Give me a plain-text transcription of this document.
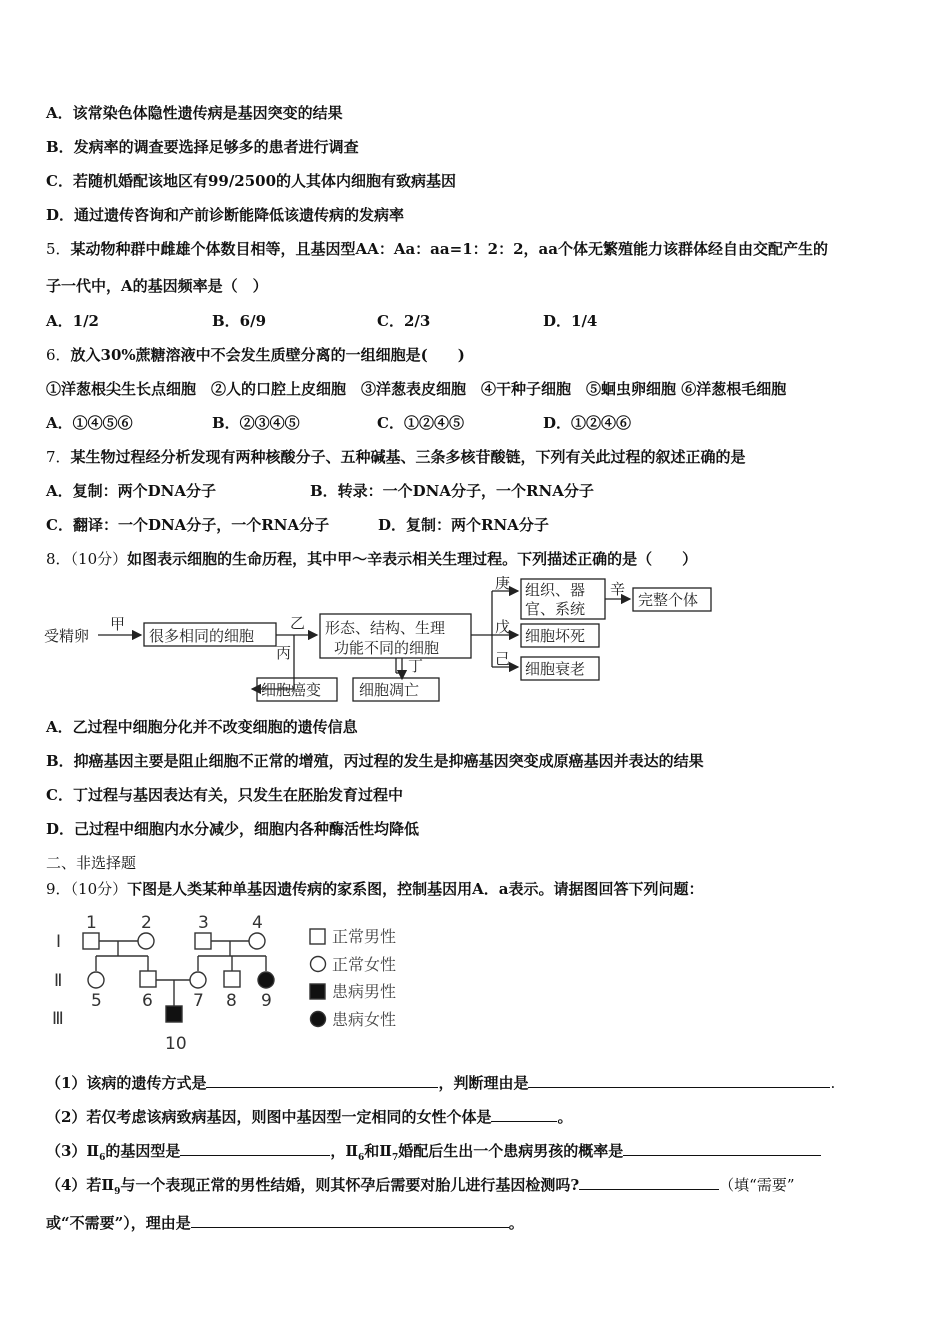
A．该常染色体隐性遗传病是基因突变的结果
B．发病率的调查要选择足够多的患者进行调查
C．若随机婚配该地区有99/2500的人其体内细胞有致病基因
D．通过遗传咨询和产前诊断能降低该遗传病的发病率
5．某动物种群中雌雄个体数目相等，且基因型AA：Aa：aa=1：2：2，aa个体无繁殖能力该群体经自由交配产生的
子一代中，A的基因频率是（　）
A．1/2	B．6/9	C．2/3	D．1/4
6．放入30%蔗糖溶液中不会发生质壁分离的一组细胞是(　　)
①洋葱根尖生长点细胞　②人的口腔上皮细胞　③洋葱表皮细胞　④干种子细胞　⑤蛔虫卵细胞 ⑥洋葱根毛细胞
A．①④⑤⑥	B．②③④⑤	C．①②④⑤	D．①②④⑥
7．某生物过程经分析发现有两种核酸分子、五种碱基、三条多核苷酸链，下列有关此过程的叙述正确的是
A．复制：两个DNA分子	B．转录：一个DNA分子，一个RNA分子
C．翻译：一个DNA分子，一个RNA分子	D．复制：两个RNA分子
8．（10分）如图表示细胞的生命历程，其中甲～辛表示相关生理过程。下列描述正确的是（　　）
受精卵
甲
很多相同的细胞
乙
丙
形态、结构、生理
功能不同的细胞
丁
细胞癌变	细胞凋亡
庚
戊
己
组织、器
官、系统
辛
完整个体
细胞坏死
细胞衰老
A．乙过程中细胞分化并不改变细胞的遗传信息
B．抑癌基因主要是阻止细胞不正常的增殖，丙过程的发生是抑癌基因突变成原癌基因并表达的结果
C．丁过程与基因表达有关，只发生在胚胎发育过程中
D．己过程中细胞内水分减少，细胞内各种酶活性均降低
二、非选择题
9．（10分）下图是人类某种单基因遗传病的家系图，控制基因用A．a表示。请据图回答下列问题：
Ⅰ
Ⅱ
Ⅲ
1	2	3	4
5 6 7 8 9
10
正常男性
正常女性
患病男性
患病女性
（1）该病的遗传方式是	，判断理由是	.
（2）若仅考虑该病致病基因，则图中基因型一定相同的女性个体是	。
$(3)Ⅱ_6$的基因型是	，$Ⅱ_6$和$Ⅱ_7$婚配后生出一个患病男孩的概率是
（4）若$Ⅱ_9$与一个表现正常的男性结婚，则其怀孕后需要对胎儿进行基因检测吗?	（填“需要”
或“不需要”），理由是	。
